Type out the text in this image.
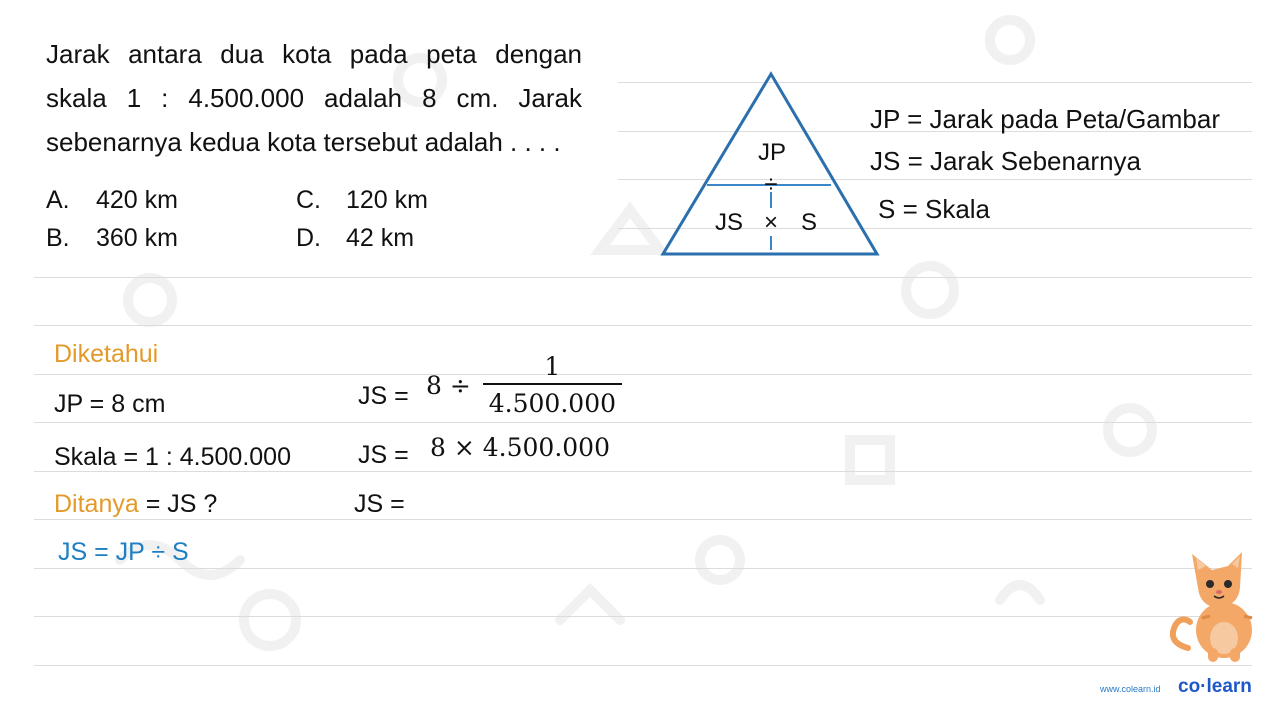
Jarak antara dua kota pada peta dengan skala 1 : 4.500.000 adalah 8 cm. Jarak sebenarnya kedua kota tersebut adalah . . . .
A. 420 km	C. 120 km
B. 360 km	D. 42 km
JP
÷
JS × S
JP = Jarak pada Peta/Gambar
JS = Jarak Sebenarnya
S = Skala
Diketahui
JP = 8 cm
Skala = 1 : 4.500.000
Ditanya = JS ?
JS = JP ÷ S
JS = $8 \div \frac{1}{4.500.000}$
JS = 8 × 4.500.000
JS =
www.colearn.id co·learn
